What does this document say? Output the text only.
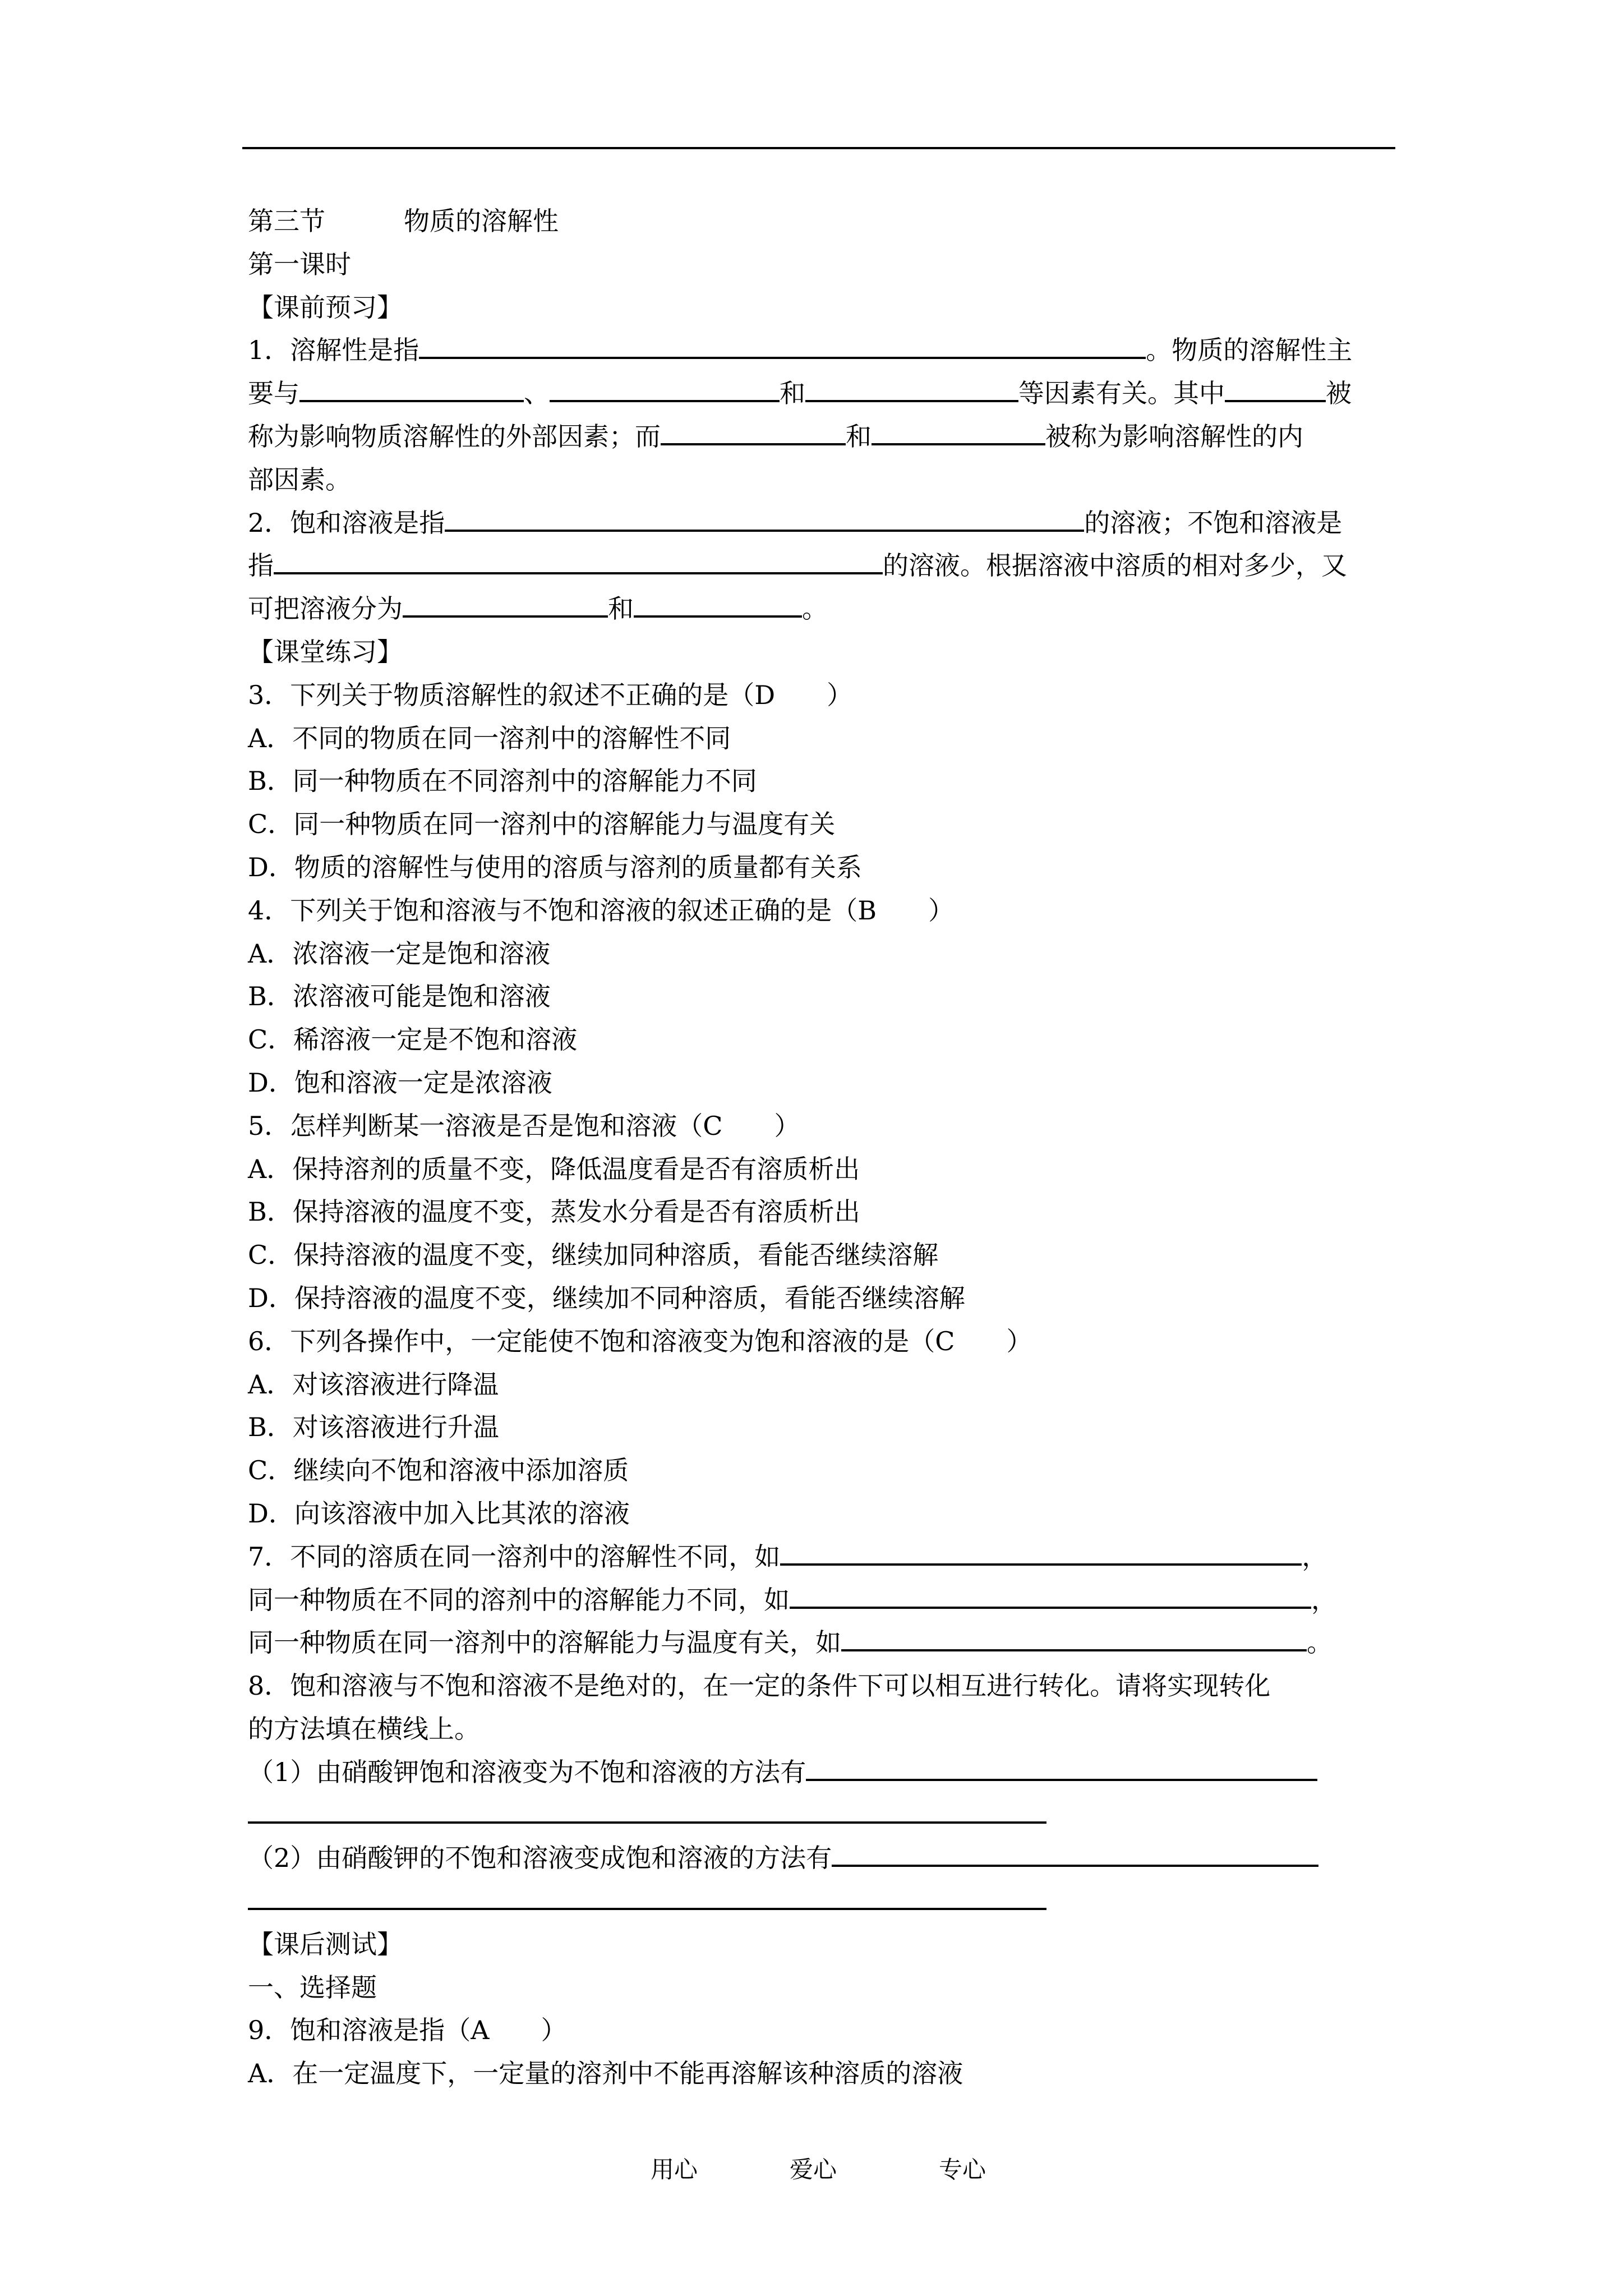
第三节	物质的溶解性
第一课时
【课前预习】
1．溶解性是指	。物质的溶解性主
要与	、	和	等因素有关。其中	被
称为影响物质溶解性的外部因素；而	和	被称为影响溶解性的内
部因素。
2．饱和溶液是指	的溶液；不饱和溶液是
指	的溶液。根据溶液中溶质的相对多少，又
可把溶液分为	和	。
【课堂练习】
3．下列关于物质溶解性的叙述不正确的是（D　　）
A．不同的物质在同一溶剂中的溶解性不同
B．同一种物质在不同溶剂中的溶解能力不同
C．同一种物质在同一溶剂中的溶解能力与温度有关
D．物质的溶解性与使用的溶质与溶剂的质量都有关系
4．下列关于饱和溶液与不饱和溶液的叙述正确的是（B　　）
A．浓溶液一定是饱和溶液
B．浓溶液可能是饱和溶液
C．稀溶液一定是不饱和溶液
D．饱和溶液一定是浓溶液
5．怎样判断某一溶液是否是饱和溶液（C　　）
A．保持溶剂的质量不变，降低温度看是否有溶质析出
B．保持溶液的温度不变，蒸发水分看是否有溶质析出
C．保持溶液的温度不变，继续加同种溶质，看能否继续溶解
D．保持溶液的温度不变，继续加不同种溶质，看能否继续溶解
6．下列各操作中，一定能使不饱和溶液变为饱和溶液的是（C　　）
A．对该溶液进行降温
B．对该溶液进行升温
C．继续向不饱和溶液中添加溶质
D．向该溶液中加入比其浓的溶液
7．不同的溶质在同一溶剂中的溶解性不同，如	，
同一种物质在不同的溶剂中的溶解能力不同，如	，
同一种物质在同一溶剂中的溶解能力与温度有关，如	。
8．饱和溶液与不饱和溶液不是绝对的，在一定的条件下可以相互进行转化。请将实现转化
的方法填在横线上。
（1）由硝酸钾饱和溶液变为不饱和溶液的方法有
（2）由硝酸钾的不饱和溶液变成饱和溶液的方法有
【课后测试】
一、选择题
9．饱和溶液是指（A　　）
A．在一定温度下，一定量的溶剂中不能再溶解该种溶质的溶液
用心	爱心	专心
